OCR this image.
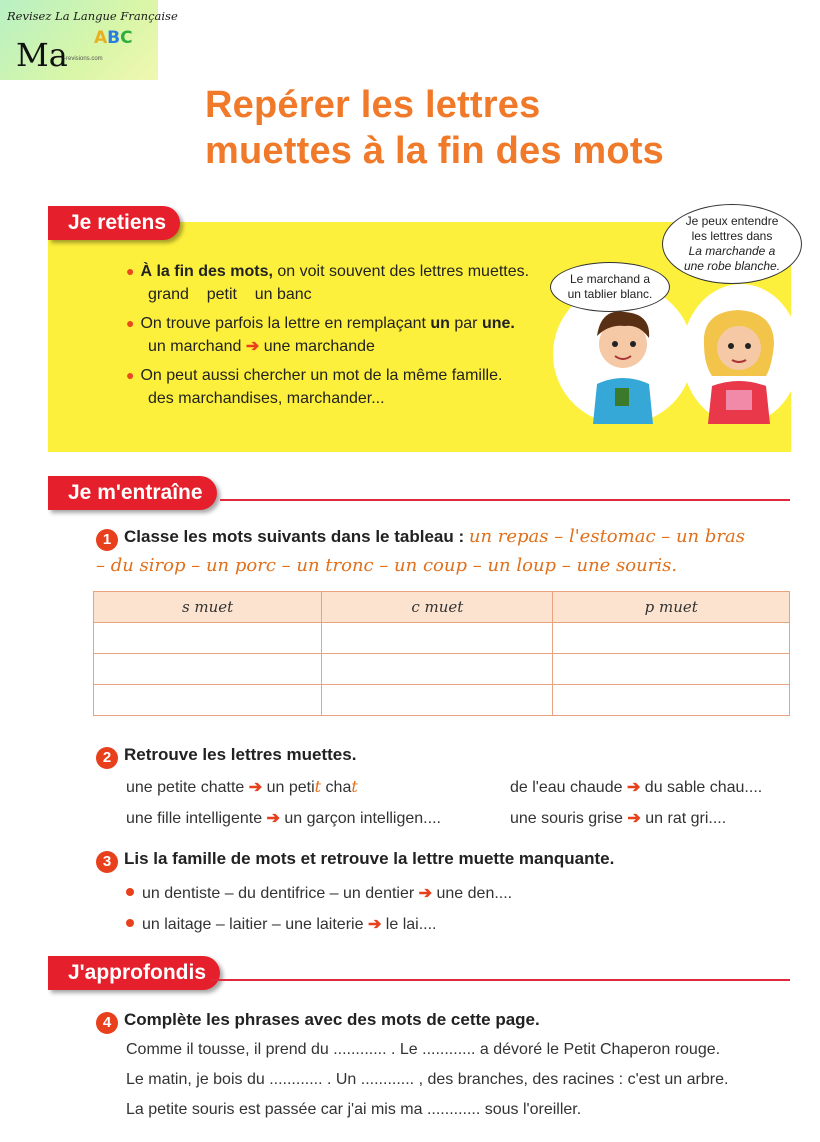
Revisez La Langue Française
Ma ABC
-revisions.com
Repérer les lettres
muettes à la fin des mots
● À la fin des mots, on voit souvent des lettres muettes.
grand    petit    un banc
● On trouve parfois la lettre en remplaçant un par une.
un marchand ➔ une marchande
● On peut aussi chercher un mot de la même famille.
des marchandises, marchander...
Le marchand a
un tablier blanc.
Je peux entendre
les lettres dans
La marchande a
une robe blanche.
Je retiens
Je m'entraîne
1 Classe les mots suivants dans le tableau : un repas – l'estomac – un bras
– du sirop – un porc – un tronc – un coup – un loup – une souris.
s muet	c muet	p muet

2 Retrouve les lettres muettes.
une petite chatte ➔ un petit chat	de l'eau chaude ➔ du sable chau....
une fille intelligente ➔ un garçon intelligen....	une souris grise ➔ un rat gri....
3 Lis la famille de mots et retrouve la lettre muette manquante.
un dentiste – du dentifrice – un dentier ➔ une den....
un laitage – laitier – une laiterie ➔ le lai....
J'approfondis
4 Complète les phrases avec des mots de cette page.
Comme il tousse, il prend du ............ . Le ............ a dévoré le Petit Chaperon rouge.
Le matin, je bois du ............ . Un ............ , des branches, des racines : c'est un arbre.
La petite souris est passée car j'ai mis ma ............ sous l'oreiller.
